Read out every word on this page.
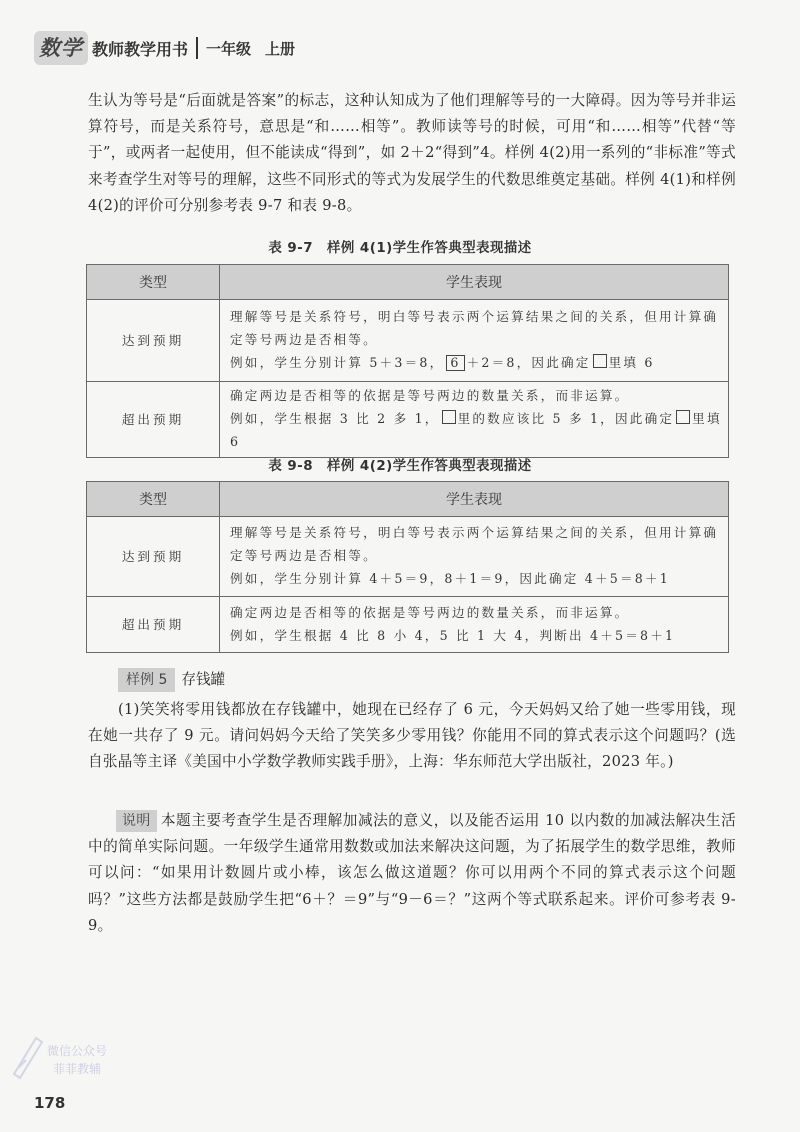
数学 教师教学用书 一年级 上册

生认为等号是“后面就是答案”的标志，这种认知成为了他们理解等号的一大障碍。因为等号并非运算符号，而是关系符号，意思是“和……相等”。教师读等号的时候，可用“和……相等”代替“等于”，或两者一起使用，但不能读成“得到”，如 2＋2“得到”4。样例 4(2)用一系列的“非标准”等式来考查学生对等号的理解，这些不同形式的等式为发展学生的代数思维奠定基础。样例 4(1)和样例 4(2)的评价可分别参考表 9-7 和表 9-8。

表 9-7　样例 4(1)学生作答典型表现描述
类型	学生表现
达到预期	理解等号是关系符号，明白等号表示两个运算结果之间的关系，但用计算确定等号两边是否相等。
例如，学生分别计算 5＋3＝8， 6 ＋2＝8，因此确定 里填 6

超出预期	确定两边是否相等的依据是等号两边的数量关系，而非运算。
例如，学生根据 3 比 2 多 1， 里的数应该比 5 多 1，因此确定 里填 6
表 9-8　样例 4(2)学生作答典型表现描述
类型	学生表现
达到预期	理解等号是关系符号，明白等号表示两个运算结果之间的关系，但用计算确定等号两边是否相等。
例如，学生分别计算 4＋5＝9，8＋1＝9，因此确定 4＋5＝8＋1

超出预期	确定两边是否相等的依据是等号两边的数量关系，而非运算。
例如，学生根据 4 比 8 小 4，5 比 1 大 4，判断出 4＋5＝8＋1
样例 5 存钱罐

(1)笑笑将零用钱都放在存钱罐中，她现在已经存了 6 元，今天妈妈又给了她一些零用钱，现在她一共存了 9 元。请问妈妈今天给了笑笑多少零用钱？你能用不同的算式表示这个问题吗？(选自张晶等主译《美国中小学数学教师实践手册》，上海：华东师范大学出版社，2023 年。)

说明 本题主要考查学生是否理解加减法的意义，以及能否运用 10 以内数的加减法解决生活中的简单实际问题。一年级学生通常用数数或加法来解决这问题，为了拓展学生的数学思维，教师可以问：“如果用计数圆片或小棒，该怎么做这道题？你可以用两个不同的算式表示这个问题吗？”这些方法都是鼓励学生把“6＋？＝9”与“9－6＝？”这两个等式联系起来。评价可参考表 9-9。

微信公众号
菲菲教辅
178
